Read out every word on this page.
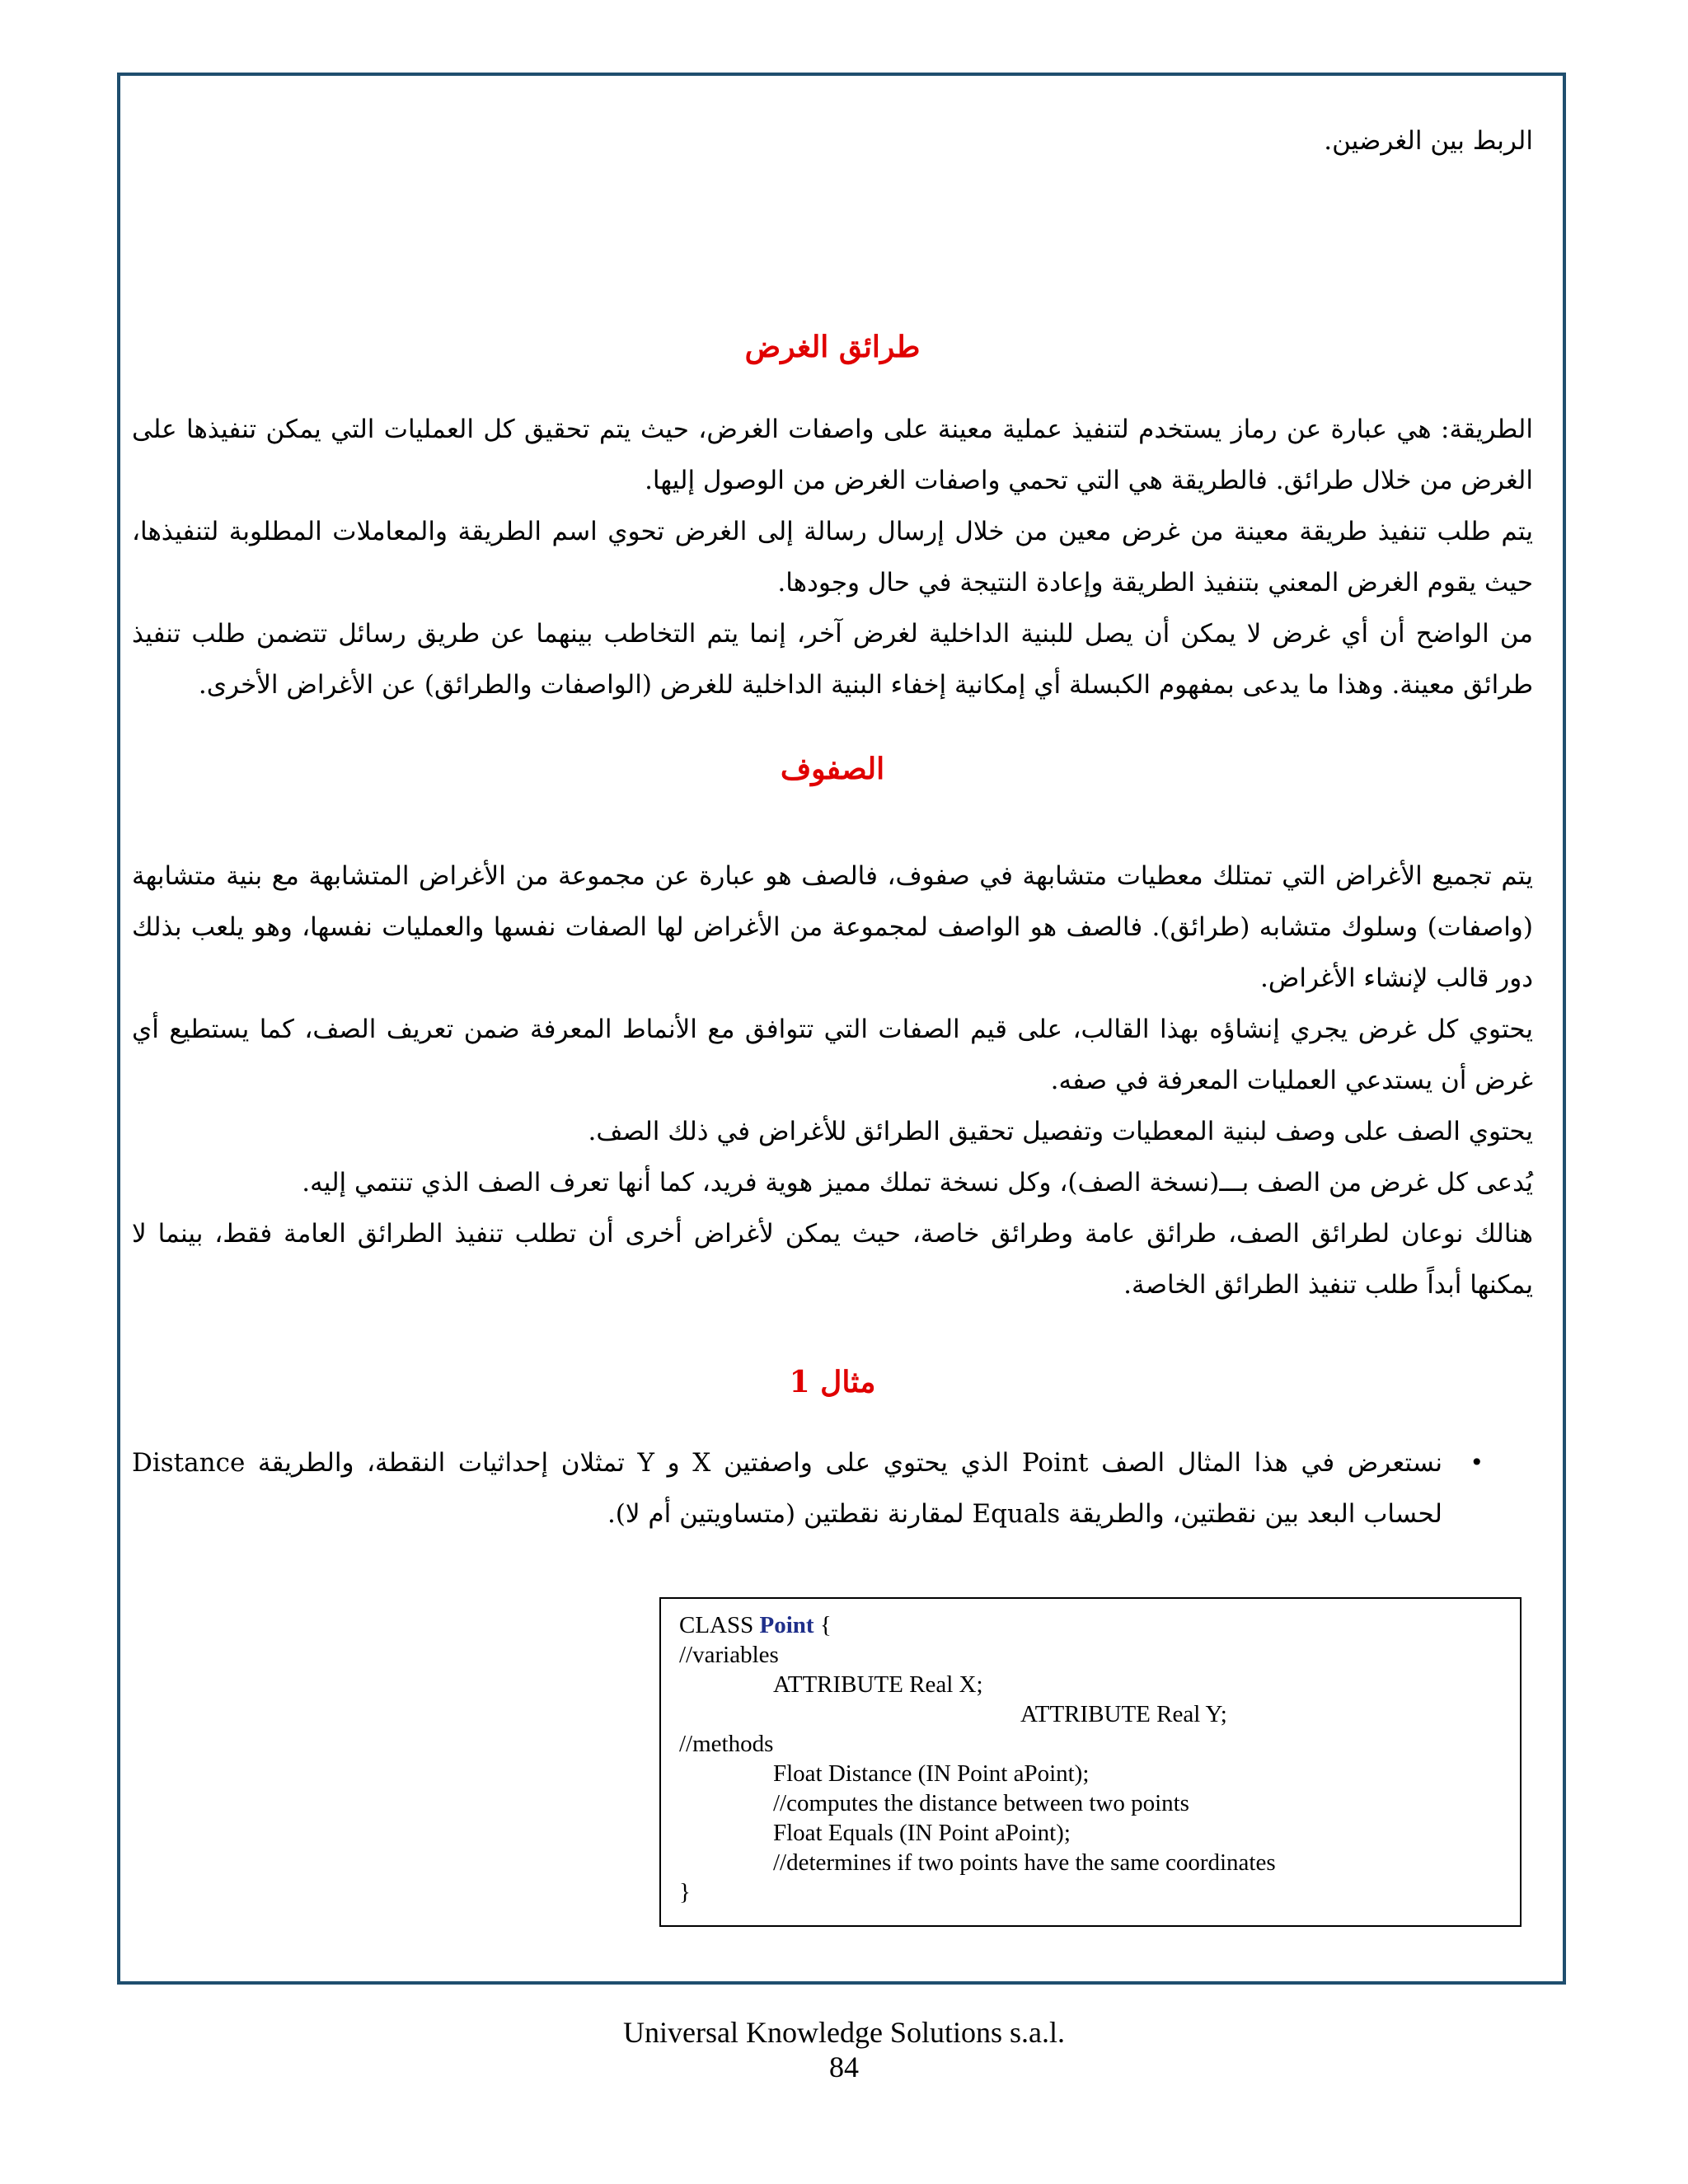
الربط بين الغرضين.

طرائق الغرض

الطريقة: هي عبارة عن رماز يستخدم لتنفيذ عملية معينة على واصفات الغرض، حيث يتم تحقيق كل العمليات التي يمكن تنفيذها على الغرض من خلال طرائق. فالطريقة هي التي تحمي واصفات الغرض من الوصول إليها.

يتم طلب تنفيذ طريقة معينة من غرض معين من خلال إرسال رسالة إلى الغرض تحوي اسم الطريقة والمعاملات المطلوبة لتنفيذها، حيث يقوم الغرض المعني بتنفيذ الطريقة وإعادة النتيجة في حال وجودها.

من الواضح أن أي غرض لا يمكن أن يصل للبنية الداخلية لغرض آخر، إنما يتم التخاطب بينهما عن طريق رسائل تتضمن طلب تنفيذ طرائق معينة. وهذا ما يدعى بمفهوم الكبسلة أي إمكانية إخفاء البنية الداخلية للغرض (الواصفات والطرائق) عن الأغراض الأخرى.

الصفوف

يتم تجميع الأغراض التي تمتلك معطيات متشابهة في صفوف، فالصف هو عبارة عن مجموعة من الأغراض المتشابهة مع بنية متشابهة (واصفات) وسلوك متشابه (طرائق). فالصف هو الواصف لمجموعة من الأغراض لها الصفات نفسها والعمليات نفسها، وهو يلعب بذلك دور قالب لإنشاء الأغراض.

يحتوي كل غرض يجري إنشاؤه بهذا القالب، على قيم الصفات التي تتوافق مع الأنماط المعرفة ضمن تعريف الصف، كما يستطيع أي غرض أن يستدعي العمليات المعرفة في صفه.

يحتوي الصف على وصف لبنية المعطيات وتفصيل تحقيق الطرائق للأغراض في ذلك الصف.

يُدعى كل غرض من الصف بـــ(نسخة الصف)، وكل نسخة تملك مميز هوية فريد، كما أنها تعرف الصف الذي تنتمي إليه.

هنالك نوعان لطرائق الصف، طرائق عامة وطرائق خاصة، حيث يمكن لأغراض أخرى أن تطلب تنفيذ الطرائق العامة فقط، بينما لا يمكنها أبداً طلب تنفيذ الطرائق الخاصة.

مثال 1
•

نستعرض في هذا المثال الصف Point الذي يحتوي على واصفتين X و Y تمثلان إحداثيات النقطة، والطريقة Distance لحساب البعد بين نقطتين، والطريقة Equals لمقارنة نقطتين (متساويتين أم لا).

CLASS Point {
//variables
ATTRIBUTE Real X;
ATTRIBUTE Real Y;
//methods
Float Distance (IN Point aPoint);
//computes the distance between two points
Float Equals (IN Point aPoint);
//determines if two points have the same coordinates
}
Universal Knowledge Solutions s.a.l.
84
